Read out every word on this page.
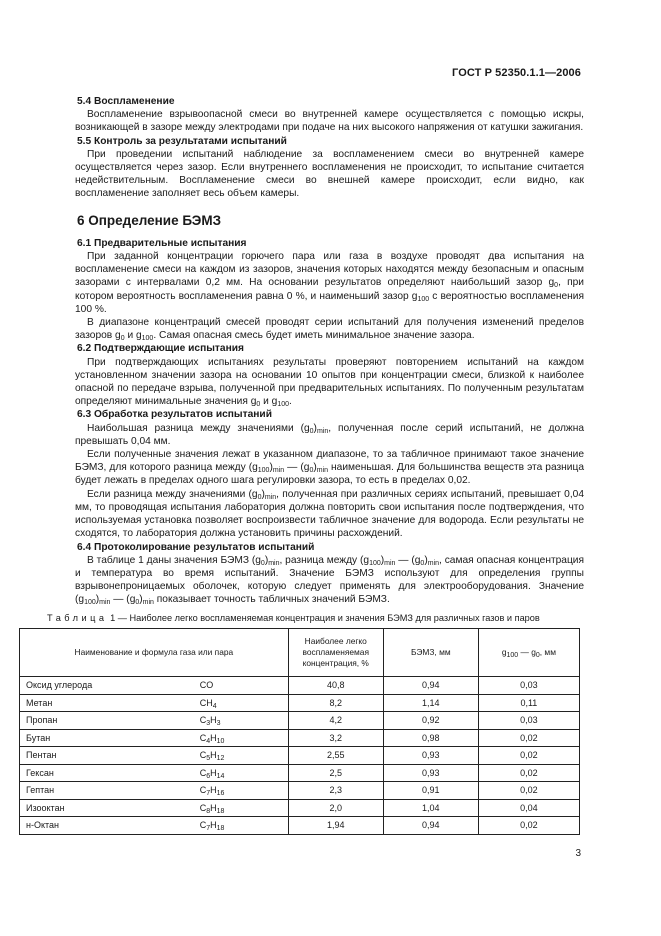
ГОСТ Р 52350.1.1—2006
5.4 Воспламенение
Воспламенение взрывоопасной смеси во внутренней камере осуществляется с помощью искры, возникающей в зазоре между электродами при подаче на них высокого напряжения от катушки зажигания.
5.5 Контроль за результатами испытаний
При проведении испытаний наблюдение за воспламенением смеси во внутренней камере осуществляется через зазор. Если внутреннего воспламенения не происходит, то испытание считается недействительным. Воспламенение смеси во внешней камере происходит, если видно, как воспламенение заполняет весь объем камеры.
6 Определение БЭМЗ
6.1 Предварительные испытания
При заданной концентрации горючего пара или газа в воздухе проводят два испытания на воспламенение смеси на каждом из зазоров, значения которых находятся между безопасным и опасным зазорами с интервалами 0,2 мм. На основании результатов определяют наибольший зазор $g_0$, при котором вероятность воспламенения равна 0 %, и наименьший зазор $g_{100}$ с вероятностью воспламенения 100 %.
В диапазоне концентраций смесей проводят серии испытаний для получения изменений пределов зазоров $g_0$ и $g_{100}$. Самая опасная смесь будет иметь минимальное значение зазора.
6.2 Подтверждающие испытания
При подтверждающих испытаниях результаты проверяют повторением испытаний на каждом установленном значении зазора на основании 10 опытов при концентрации смеси, близкой к наиболее опасной по передаче взрыва, полученной при предварительных испытаниях. По полученным результатам определяют минимальные значения $g_0$ и $g_{100}$.
6.3 Обработка результатов испытаний
Наибольшая разница между значениями $(g_0)_{min}$, полученная после серий испытаний, не должна превышать 0,04 мм.
Если полученные значения лежат в указанном диапазоне, то за табличное принимают такое значение БЭМЗ, для которого разница между $(g_{100})_{min}$ — $(g_0)_{min}$ наименьшая. Для большинства веществ эта разница будет лежать в пределах одного шага регулировки зазора, то есть в пределах 0,02.
Если разница между значениями $(g_0)_{min}$, полученная при различных сериях испытаний, превышает 0,04 мм, то проводящая испытания лаборатория должна повторить свои испытания после подтверждения, что используемая установка позволяет воспроизвести табличное значение для водорода. Если результаты не сходятся, то лаборатория должна установить причины расхождений.
6.4 Протоколирование результатов испытаний
В таблице 1 даны значения БЭМЗ $(g_0)_{min}$, разница между $(g_{100})_{min}$ — $(g_0)_{min}$, самая опасная концентрация и температура во время испытаний. Значение БЭМЗ используют для определения группы взрывонепроницаемых оболочек, которую следует применять для электрооборудования. Значение $(g_{100})_{min}$ — $(g_0)_{min}$ показывает точность табличных значений БЭМЗ.
Таблица 1 — Наиболее легко воспламеняемая концентрация и значения БЭМЗ для различных газов и паров
Наименование и формула газа или пара		Наиболее легко воспламеняемая концентрация, %	БЭМЗ, мм	$g_{100}$ — $g_0$, мм
Оксид углерода	CO	40,8	0,94	0,03
Метан	$CH_4$	8,2	1,14	0,11
Пропан	$C_3H_3$	4,2	0,92	0,03
Бутан	$C_4H_{10}$	3,2	0,98	0,02
Пентан	$C_5H_{12}$	2,55	0,93	0,02
Гексан	$C_6H_{14}$	2,5	0,93	0,02
Гептан	$C_7H_{16}$	2,3	0,91	0,02
Изооктан	$C_8H_{18}$	2,0	1,04	0,04
н-Октан	$C_7H_{18}$	1,94	0,94	0,02
3
